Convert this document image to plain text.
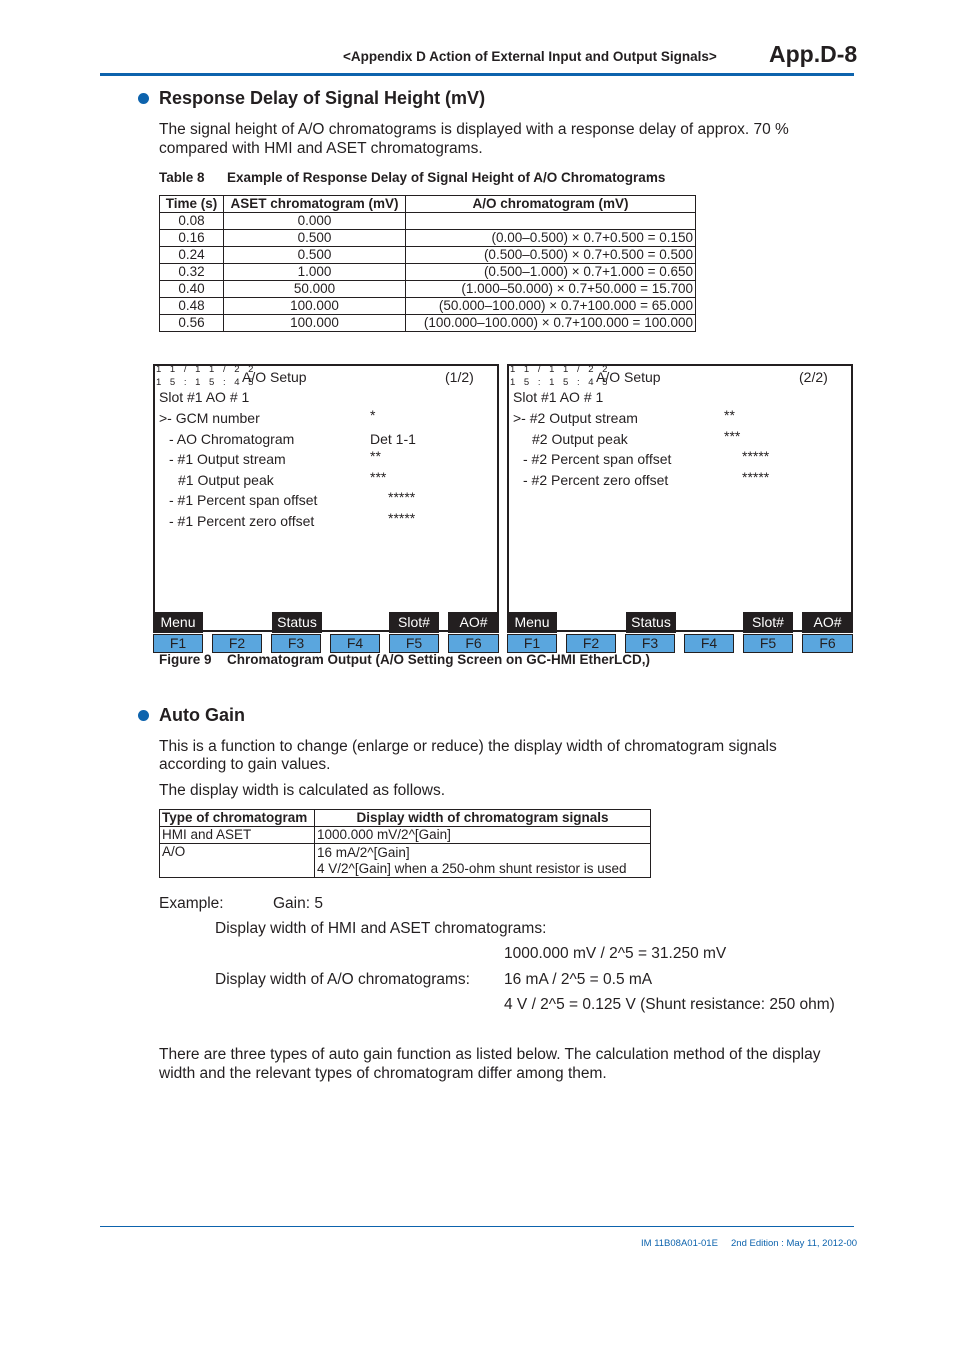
<Appendix D Action of External Input and Output Signals> App.D-8
Response Delay of Signal Height (mV)
The signal height of A/O chromatograms is displayed with a response delay of approx. 70 %
compared with HMI and ASET chromatograms.
Table 8 Example of Response Delay of Signal Height of A/O Chromatograms
Time (s)	ASET chromatogram (mV)	A/O chromatogram (mV)
0.08	0.000	
0.16	0.500	(0.00–0.500) × 0.7+0.500 = 0.150
0.24	0.500	(0.500–0.500) × 0.7+0.500 = 0.500
0.32	1.000	(0.500–1.000) × 0.7+1.000 = 0.650
0.40	50.000	(1.000–50.000) × 0.7+50.000 = 15.700
0.48	100.000	(50.000–100.000) × 0.7+100.000 = 65.000
0.56	100.000	(100.000–100.000) × 0.7+100.000 = 100.000
1 1 / 1 1 / 2 2
1 5 : 1 5 : 4 5
A/O Setup	(1/2)
Slot #1 AO # 1
>- GCM number	*
- AO Chromatogram	Det 1-1
- #1 Output stream	**
#1 Output peak	***
- #1 Percent span offset	*****
- #1 Percent zero offset	*****
Menu	Status	Slot#	AO#
F1	F2	F3	F4	F5	F6
1 1 / 1 1 / 2 2
1 5 : 1 5 : 4 5
A/O Setup	(2/2)
Slot #1 AO # 1
>- #2 Output stream	**
#2 Output peak	***
- #2 Percent span offset	*****
- #2 Percent zero offset	*****
Menu	Status	Slot#	AO#
F1	F2	F3	F4	F5	F6
Figure 9 Chromatogram Output (A/O Setting Screen on GC-HMI EtherLCD,)
Auto Gain
This is a function to change (enlarge or reduce) the display width of chromatogram signals
according to gain values.
The display width is calculated as follows.
Type of chromatogram	Display width of chromatogram signals
HMI and ASET	1000.000 mV/2^[Gain]
A/O	16 mA/2^[Gain]
4 V/2^[Gain] when a 250-ohm shunt resistor is used
Example:	Gain: 5
Display width of HMI and ASET chromatograms:
1000.000 mV / 2^5 = 31.250 mV
Display width of A/O chromatograms: 16 mA / 2^5 = 0.5 mA
4 V / 2^5 = 0.125 V (Shunt resistance: 250 ohm)
There are three types of auto gain function as listed below. The calculation method of the display
width and the relevant types of chromatogram differ among them.
IM 11B08A01-01E 2nd Edition : May 11, 2012-00
